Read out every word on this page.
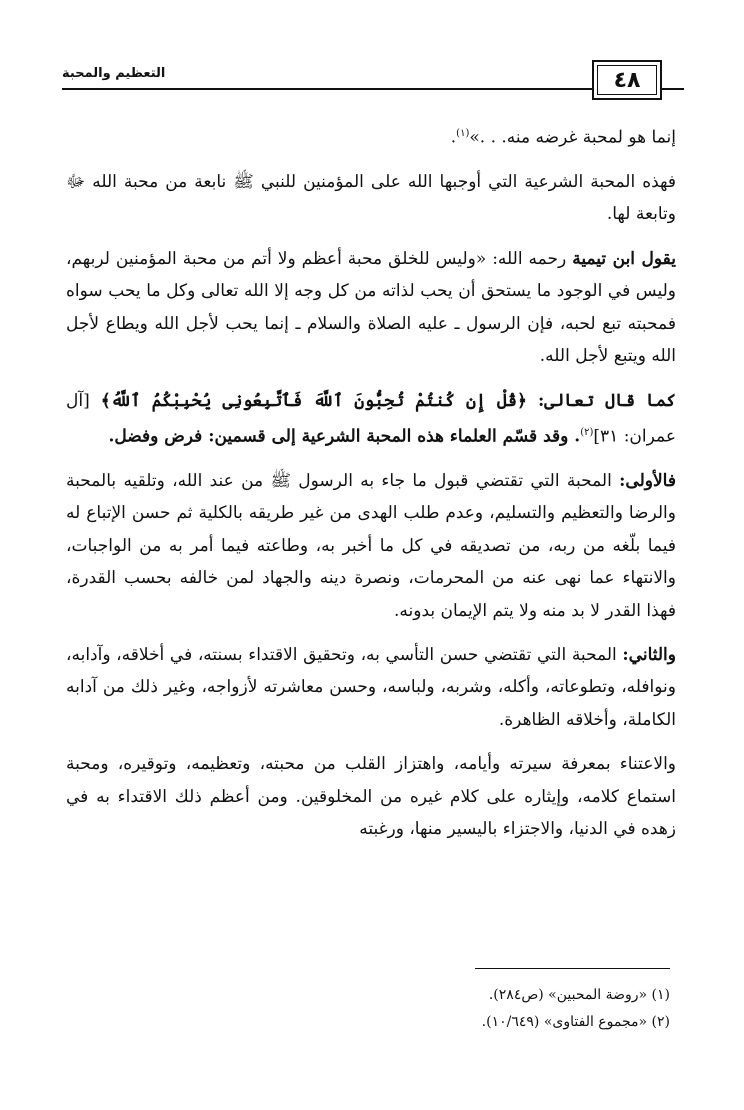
٤٨
التعظيم والمحبة

إنما هو لمحبة غرضه منه. . .»$^{(١)}$.

فهذه المحبة الشرعية التي أوجبها الله على المؤمنين للنبي ﷺ نابعة من محبة الله ﷻ وتابعة لها.

يقول ابن تيمية رحمه الله: «وليس للخلق محبة أعظم ولا أتم من محبة المؤمنين لربهم، وليس في الوجود ما يستحق أن يحب لذاته من كل وجه إلا الله تعالى وكل ما يحب سواه فمحبته تبع لحبه، فإن الرسول ـ عليه الصلاة والسلام ـ إنما يحب لأجل الله ويطاع لأجل الله ويتبع لأجل الله.

كما قال تعالى: ﴿قُلْ إِن كُنتُمْ تُحِبُّونَ ٱللَّهَ فَٱتَّبِعُونِى يُحْبِبْكُمُ ٱللَّهُ﴾ [آل عمران: ٣١]$^{(٢)}$. وقد قسّم العلماء هذه المحبة الشرعية إلى قسمين: فرض وفضل.

فالأولى: المحبة التي تقتضي قبول ما جاء به الرسول ﷺ من عند الله، وتلقيه بالمحبة والرضا والتعظيم والتسليم، وعدم طلب الهدى من غير طريقه بالكلية ثم حسن الإتباع له فيما بلّغه من ربه، من تصديقه في كل ما أخبر به، وطاعته فيما أمر به من الواجبات، والانتهاء عما نهى عنه من المحرمات، ونصرة دينه والجهاد لمن خالفه بحسب القدرة، فهذا القدر لا بد منه ولا يتم الإيمان بدونه.

والثاني: المحبة التي تقتضي حسن التأسي به، وتحقيق الاقتداء بسنته، في أخلاقه، وآدابه، ونوافله، وتطوعاته، وأكله، وشربه، ولباسه، وحسن معاشرته لأزواجه، وغير ذلك من آدابه الكاملة، وأخلاقه الظاهرة.

والاعتناء بمعرفة سيرته وأيامه، واهتزاز القلب من محبته، وتعظيمه، وتوقيره، ومحبة استماع كلامه، وإيثاره على كلام غيره من المخلوقين. ومن أعظم ذلك الاقتداء به في زهده في الدنيا، والاجتزاء باليسير منها، ورغبته

(١) «روضة المحبين» (ص٢٨٤).

(٢) «مجموع الفتاوى» (١٠/٦٤٩).
